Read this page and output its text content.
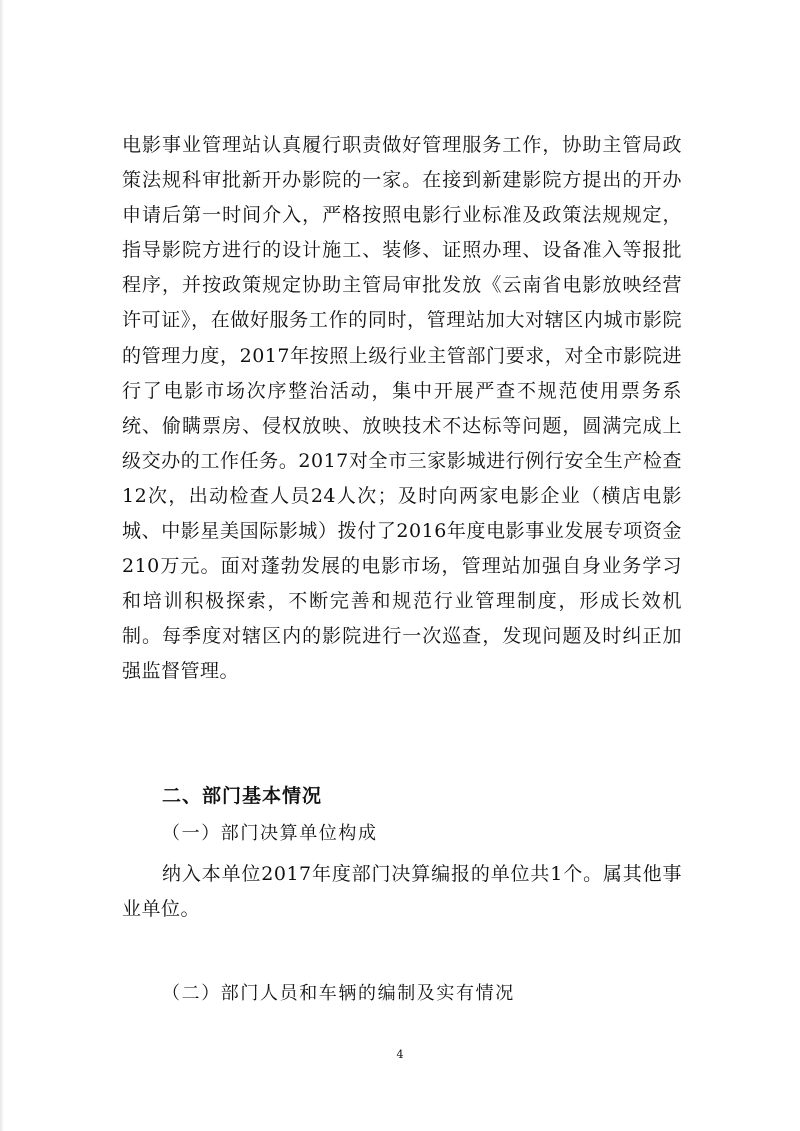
电影事业管理站认真履行职责做好管理服务工作，协助主管局政策法规科审批新开办影院的一家。在接到新建影院方提出的开办申请后第一时间介入，严格按照电影行业标准及政策法规规定，指导影院方进行的设计施工、装修、证照办理、设备准入等报批程序，并按政策规定协助主管局审批发放《云南省电影放映经营许可证》，在做好服务工作的同时，管理站加大对辖区内城市影院的管理力度，2017年按照上级行业主管部门要求，对全市影院进行了电影市场次序整治活动，集中开展严查不规范使用票务系统、偷瞒票房、侵权放映、放映技术不达标等问题，圆满完成上级交办的工作任务。2017对全市三家影城进行例行安全生产检查12次，出动检查人员24人次；及时向两家电影企业（横店电影城、中影星美国际影城）拨付了2016年度电影事业发展专项资金210万元。面对蓬勃发展的电影市场，管理站加强自身业务学习和培训积极探索，不断完善和规范行业管理制度，形成长效机制。每季度对辖区内的影院进行一次巡查，发现问题及时纠正加强监督管理。

二、部门基本情况

（一）部门决算单位构成

纳入本单位2017年度部门决算编报的单位共1个。属其他事业单位。

（二）部门人员和车辆的编制及实有情况

4
